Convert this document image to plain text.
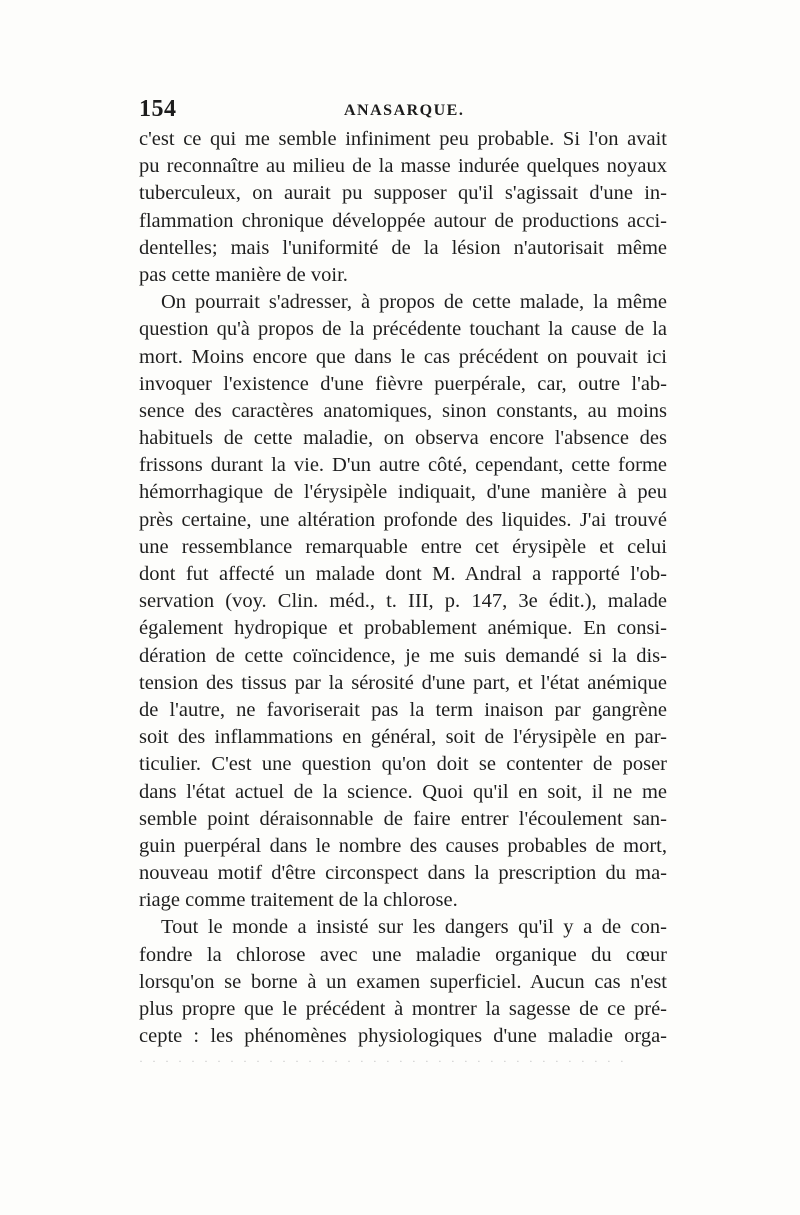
154	ANASARQUE.
c'est ce qui me semble infiniment peu probable. Si l'on avait
pu reconnaître au milieu de la masse indurée quelques noyaux
tuberculeux, on aurait pu supposer qu'il s'agissait d'une in-
flammation chronique développée autour de productions acci-
dentelles; mais l'uniformité de la lésion n'autorisait même
pas cette manière de voir.
On pourrait s'adresser, à propos de cette malade, la même
question qu'à propos de la précédente touchant la cause de la
mort. Moins encore que dans le cas précédent on pouvait ici
invoquer l'existence d'une fièvre puerpérale, car, outre l'ab-
sence des caractères anatomiques, sinon constants, au moins
habituels de cette maladie, on observa encore l'absence des
frissons durant la vie. D'un autre côté, cependant, cette forme
hémorrhagique de l'érysipèle indiquait, d'une manière à peu
près certaine, une altération profonde des liquides. J'ai trouvé
une ressemblance remarquable entre cet érysipèle et celui
dont fut affecté un malade dont M. Andral a rapporté l'ob-
servation (voy. Clin. méd., t. III, p. 147, 3e édit.), malade
également hydropique et probablement anémique. En consi-
dération de cette coïncidence, je me suis demandé si la dis-
tension des tissus par la sérosité d'une part, et l'état anémique
de l'autre, ne favoriserait pas la term inaison par gangrène
soit des inflammations en général, soit de l'érysipèle en par-
ticulier. C'est une question qu'on doit se contenter de poser
dans l'état actuel de la science. Quoi qu'il en soit, il ne me
semble point déraisonnable de faire entrer l'écoulement san-
guin puerpéral dans le nombre des causes probables de mort,
nouveau motif d'être circonspect dans la prescription du ma-
riage comme traitement de la chlorose.
Tout le monde a insisté sur les dangers qu'il y a de con-
fondre la chlorose avec une maladie organique du cœur
lorsqu'on se borne à un examen superficiel. Aucun cas n'est
plus propre que le précédent à montrer la sagesse de ce pré-
cepte : les phénomènes physiologiques d'une maladie orga-
· · · · · · · · · · · · · · · · · · · · · · · · · · · · · · · · · · · · · ·
